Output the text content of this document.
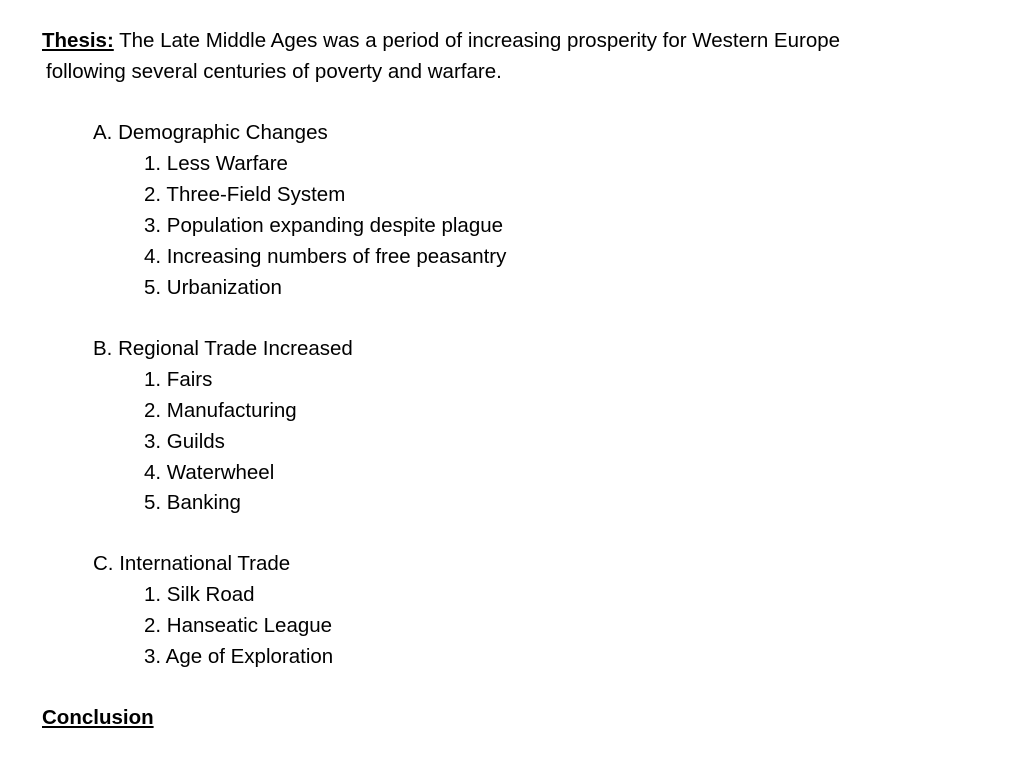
Thesis: The Late Middle Ages was a period of increasing prosperity for Western Europe
following several centuries of poverty and warfare.
A. Demographic Changes
1. Less Warfare
2. Three-Field System
3. Population expanding despite plague
4. Increasing numbers of free peasantry
5. Urbanization
B. Regional Trade Increased
1. Fairs
2. Manufacturing
3. Guilds
4. Waterwheel
5. Banking
C. International Trade
1. Silk Road
2. Hanseatic League
3. Age of Exploration
Conclusion
